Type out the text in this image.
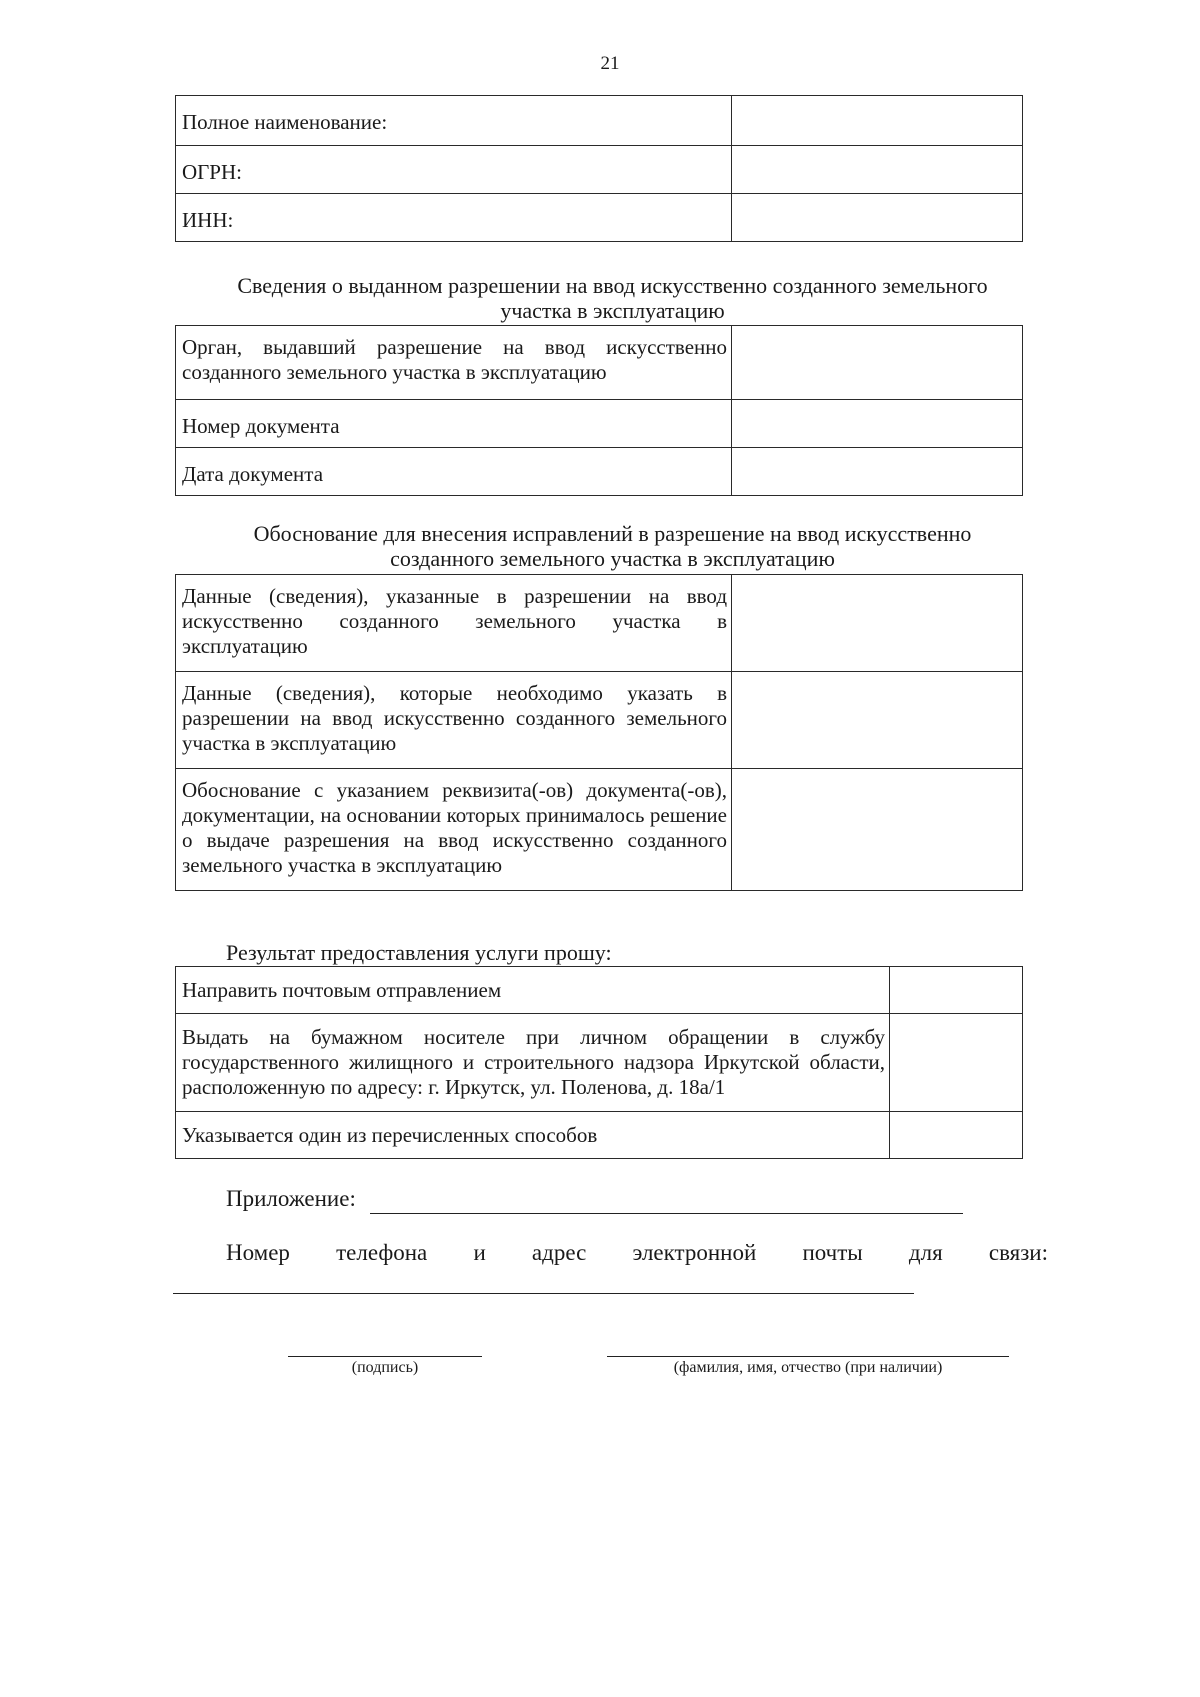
21
Полное наименование:	
ОГРН:	
ИНН:	
Сведения о выданном разрешении на ввод искусственно созданного земельного
участка в эксплуатацию
Орган, выдавший разрешение на ввод искусственно созданного земельного участка в эксплуатацию	
Номер документа	
Дата документа	
Обоснование для внесения исправлений в разрешение на ввод искусственно
созданного земельного участка в эксплуатацию
Данные (сведения), указанные в разрешении на ввод искусственно созданного земельного участка в эксплуатацию	
Данные (сведения), которые необходимо указать в разрешении на ввод искусственно созданного земельного участка в эксплуатацию	
Обоснование с указанием реквизита(-ов) документа(-ов), документации, на основании которых принималось решение о выдаче разрешения на ввод искусственно созданного земельного участка в эксплуатацию	
Результат предоставления услуги прошу:
Направить почтовым отправлением	
Выдать на бумажном носителе при личном обращении в службу государственного жилищного и строительного надзора Иркутской области, расположенную по адресу: г. Иркутск, ул. Поленова, д. 18а/1	
Указывается один из перечисленных способов	
Приложение:
Номер телефона и адрес электронной почты для связи:
(подпись)	(фамилия, имя, отчество (при наличии)
